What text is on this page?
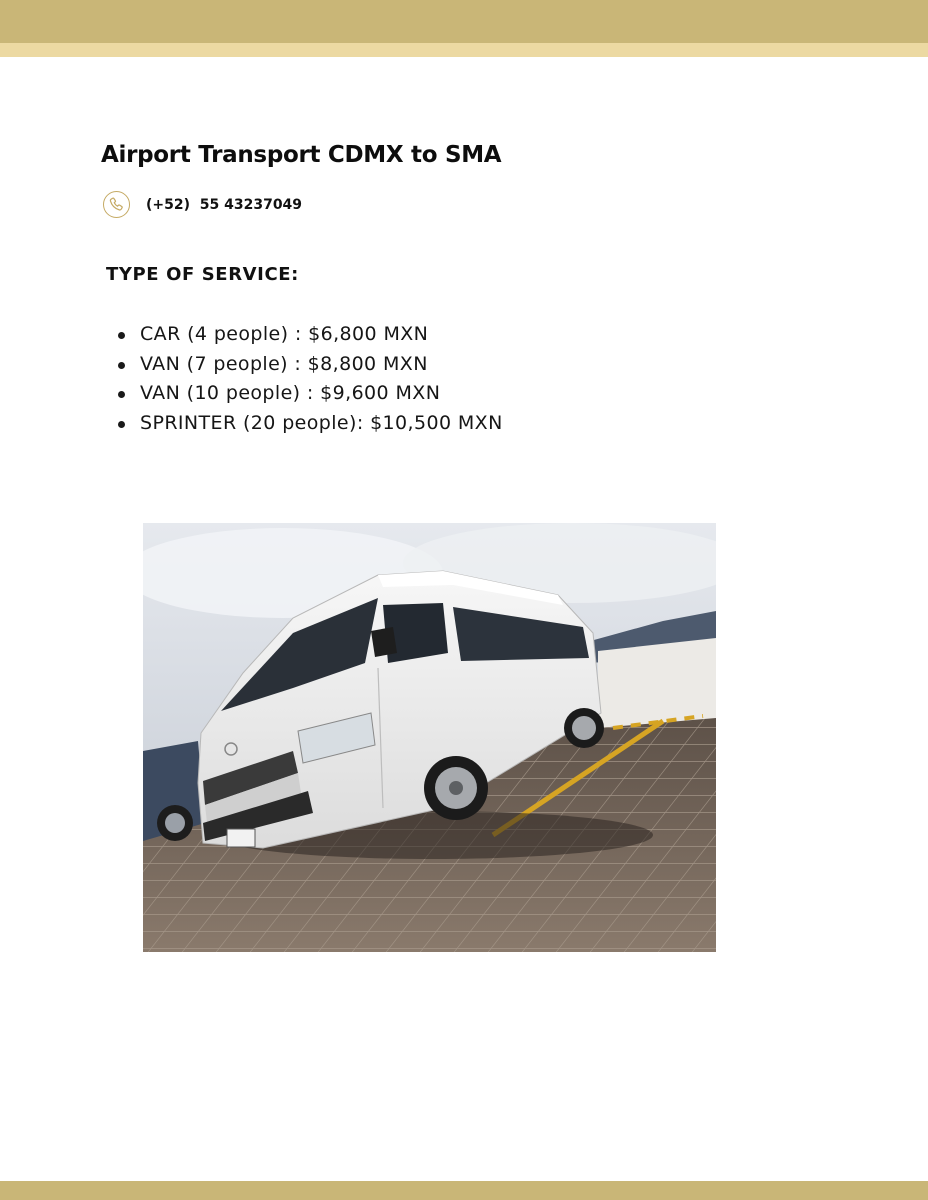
Airport Transport CDMX to SMA
(+52)  55 43237049
TYPE OF SERVICE:
CAR (4 people) : $6,800 MXN
VAN (7 people) : $8,800 MXN
VAN (10 people) : $9,600 MXN
SPRINTER (20 people): $10,500 MXN
